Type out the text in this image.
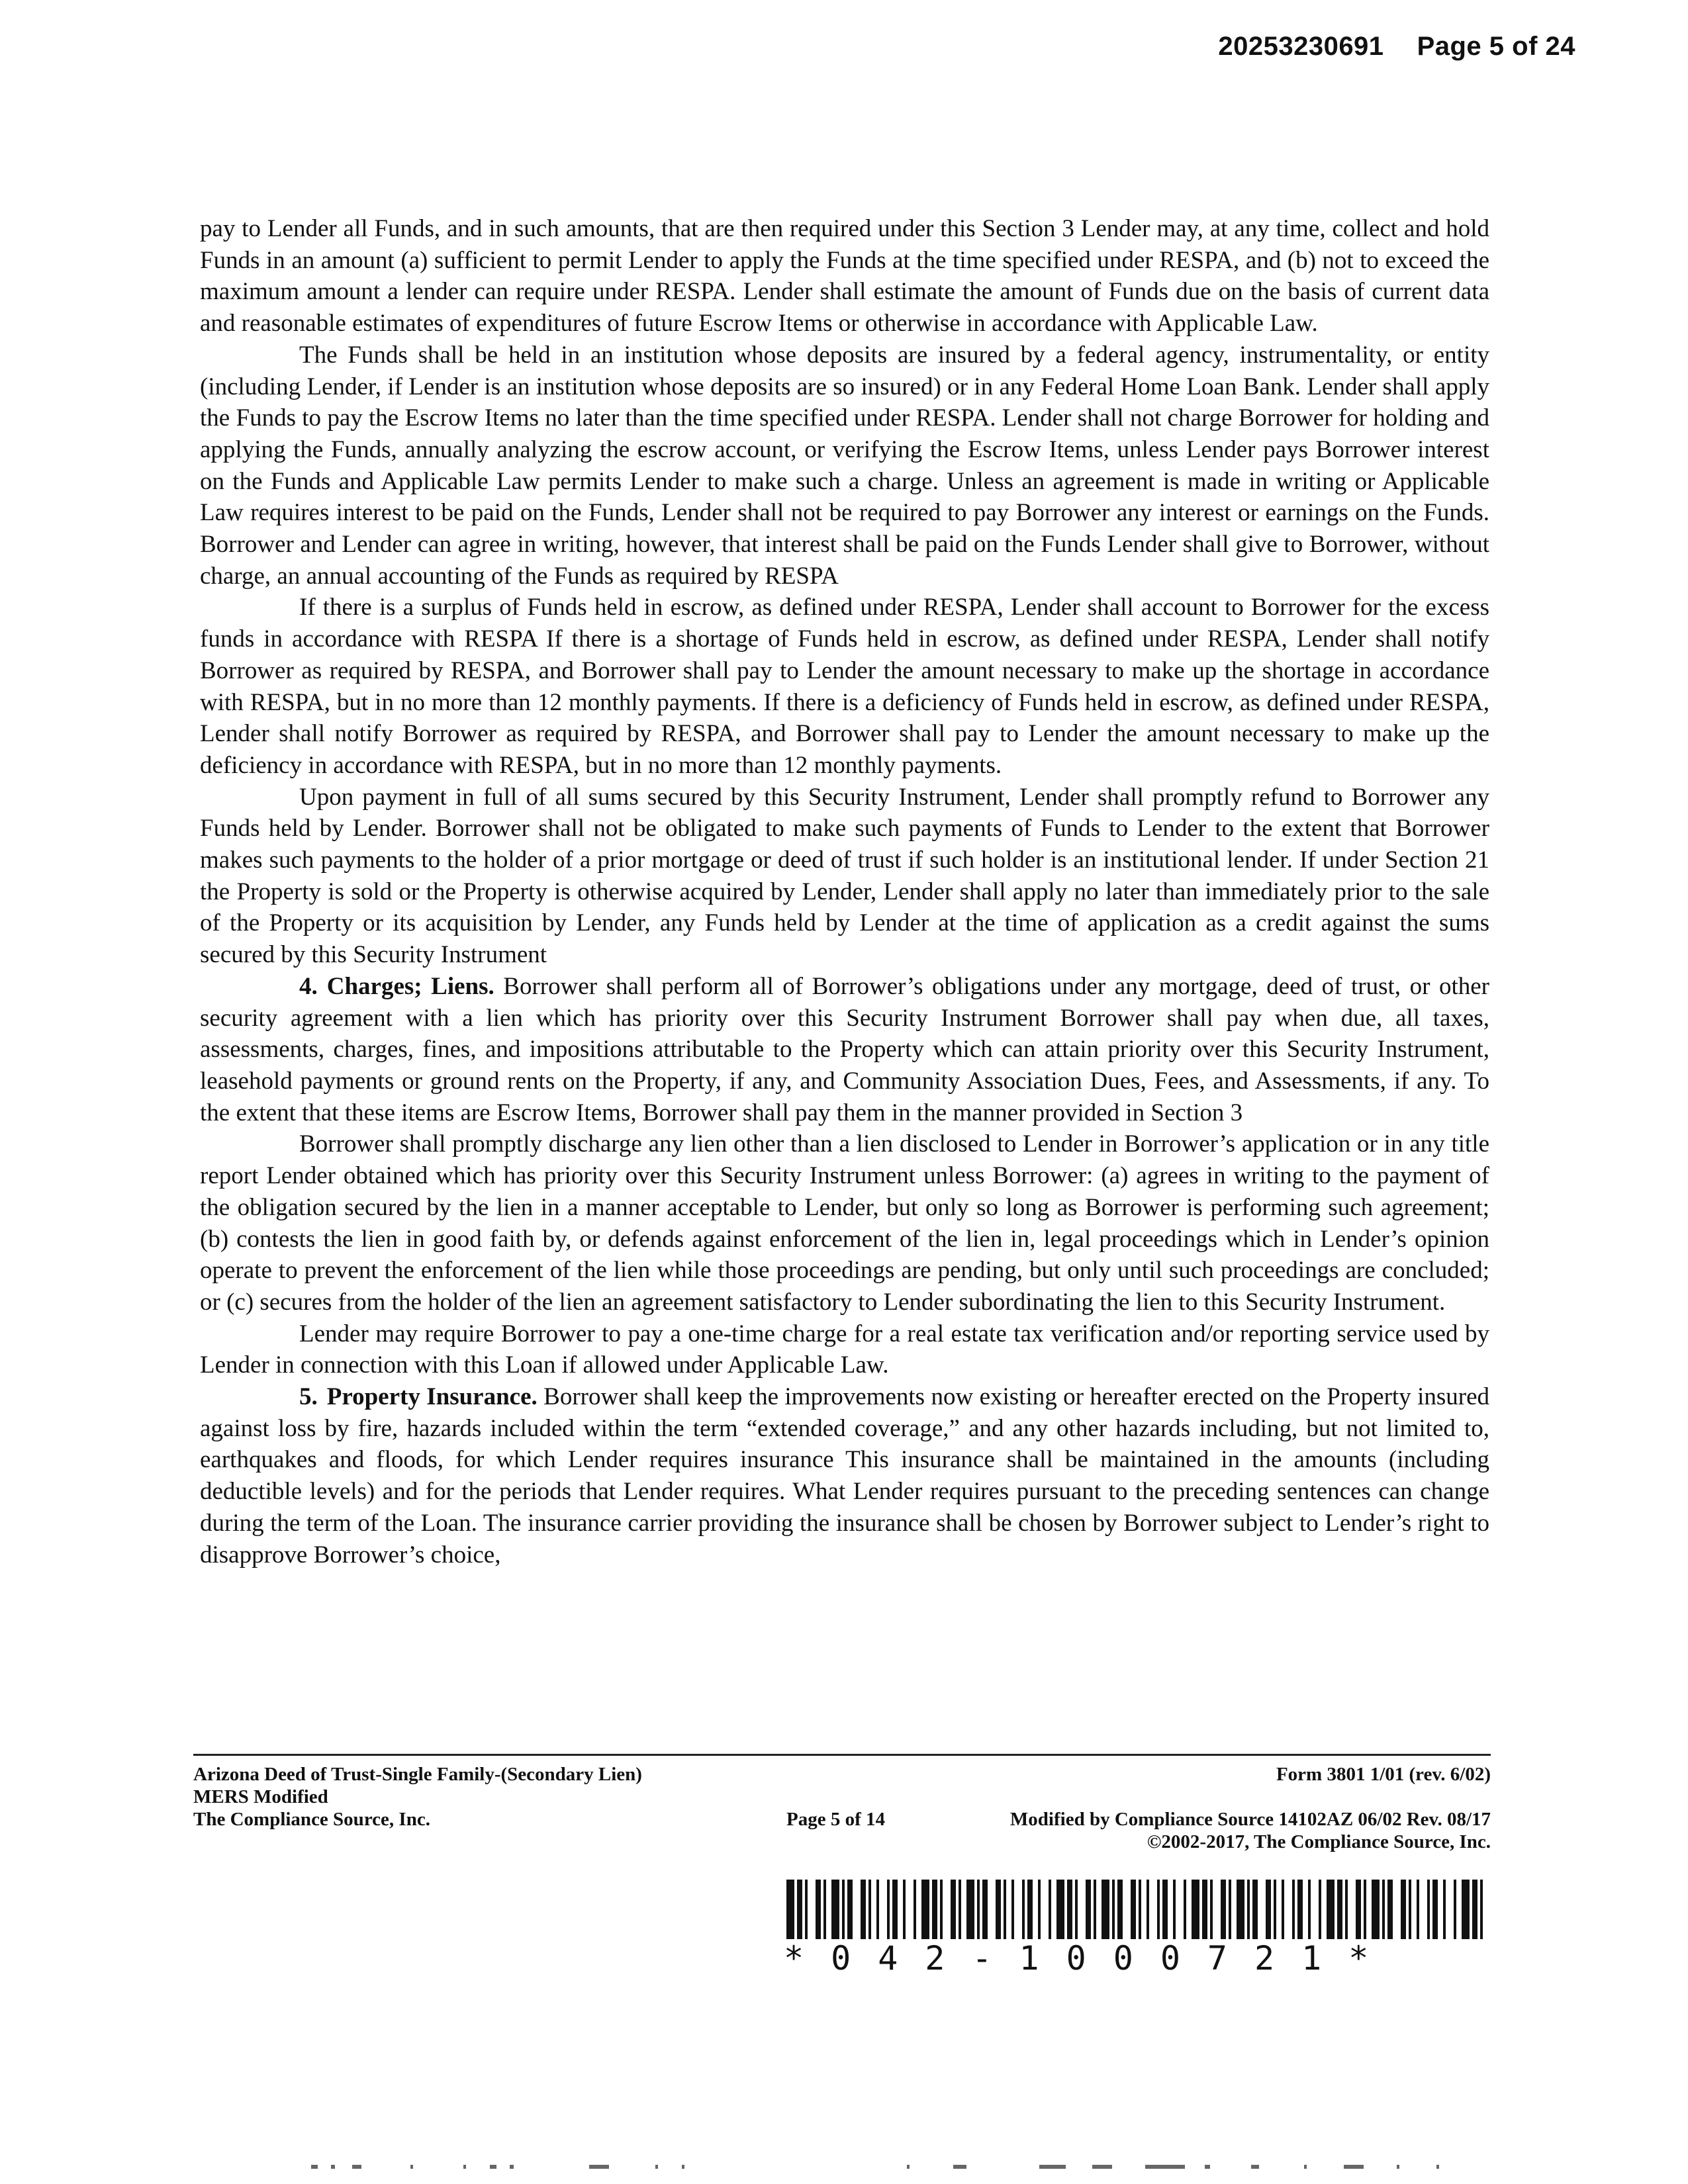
20253230691 Page 5 of 24

pay to Lender all Funds, and in such amounts, that are then required under this Section 3 Lender may, at any time, collect and hold Funds in an amount (a) sufficient to permit Lender to apply the Funds at the time specified under RESPA, and (b) not to exceed the maximum amount a lender can require under RESPA. Lender shall estimate the amount of Funds due on the basis of current data and reasonable estimates of expenditures of future Escrow Items or otherwise in accordance with Applicable Law.

The Funds shall be held in an institution whose deposits are insured by a federal agency, instrumentality, or entity (including Lender, if Lender is an institution whose deposits are so insured) or in any Federal Home Loan Bank. Lender shall apply the Funds to pay the Escrow Items no later than the time specified under RESPA. Lender shall not charge Borrower for holding and applying the Funds, annually analyzing the escrow account, or verifying the Escrow Items, unless Lender pays Borrower interest on the Funds and Applicable Law permits Lender to make such a charge. Unless an agreement is made in writing or Applicable Law requires interest to be paid on the Funds, Lender shall not be required to pay Borrower any interest or earnings on the Funds. Borrower and Lender can agree in writing, however, that interest shall be paid on the Funds Lender shall give to Borrower, without charge, an annual accounting of the Funds as required by RESPA

If there is a surplus of Funds held in escrow, as defined under RESPA, Lender shall account to Borrower for the excess funds in accordance with RESPA If there is a shortage of Funds held in escrow, as defined under RESPA, Lender shall notify Borrower as required by RESPA, and Borrower shall pay to Lender the amount necessary to make up the shortage in accordance with RESPA, but in no more than 12 monthly payments. If there is a deficiency of Funds held in escrow, as defined under RESPA, Lender shall notify Borrower as required by RESPA, and Borrower shall pay to Lender the amount necessary to make up the deficiency in accordance with RESPA, but in no more than 12 monthly payments.

Upon payment in full of all sums secured by this Security Instrument, Lender shall promptly refund to Borrower any Funds held by Lender. Borrower shall not be obligated to make such payments of Funds to Lender to the extent that Borrower makes such payments to the holder of a prior mortgage or deed of trust if such holder is an institutional lender. If under Section 21 the Property is sold or the Property is otherwise acquired by Lender, Lender shall apply no later than immediately prior to the sale of the Property or its acquisition by Lender, any Funds held by Lender at the time of application as a credit against the sums secured by this Security Instrument

4. Charges; Liens. Borrower shall perform all of Borrower’s obligations under any mortgage, deed of trust, or other security agreement with a lien which has priority over this Security Instrument Borrower shall pay when due, all taxes, assessments, charges, fines, and impositions attributable to the Property which can attain priority over this Security Instrument, leasehold payments or ground rents on the Property, if any, and Community Association Dues, Fees, and Assessments, if any. To the extent that these items are Escrow Items, Borrower shall pay them in the manner provided in Section 3

Borrower shall promptly discharge any lien other than a lien disclosed to Lender in Borrower’s application or in any title report Lender obtained which has priority over this Security Instrument unless Borrower: (a) agrees in writing to the payment of the obligation secured by the lien in a manner acceptable to Lender, but only so long as Borrower is performing such agreement; (b) contests the lien in good faith by, or defends against enforcement of the lien in, legal proceedings which in Lender’s opinion operate to prevent the enforcement of the lien while those proceedings are pending, but only until such proceedings are concluded; or (c) secures from the holder of the lien an agreement satisfactory to Lender subordinating the lien to this Security Instrument.

Lender may require Borrower to pay a one-time charge for a real estate tax verification and/or reporting service used by Lender in connection with this Loan if allowed under Applicable Law.

5. Property Insurance. Borrower shall keep the improvements now existing or hereafter erected on the Property insured against loss by fire, hazards included within the term “extended coverage,” and any other hazards including, but not limited to, earthquakes and floods, for which Lender requires insurance This insurance shall be maintained in the amounts (including deductible levels) and for the periods that Lender requires. What Lender requires pursuant to the preceding sentences can change during the term of the Loan. The insurance carrier providing the insurance shall be chosen by Borrower subject to Lender’s right to disapprove Borrower’s choice,

Arizona Deed of Trust-Single Family-(Secondary Lien)	Form 3801 1/01 (rev. 6/02)
MERS Modified
The Compliance Source, Inc.	Page 5 of 14	Modified by Compliance Source 14102AZ 06/02 Rev. 08/17
©2002-2017, The Compliance Source, Inc.
*042-1000721*
